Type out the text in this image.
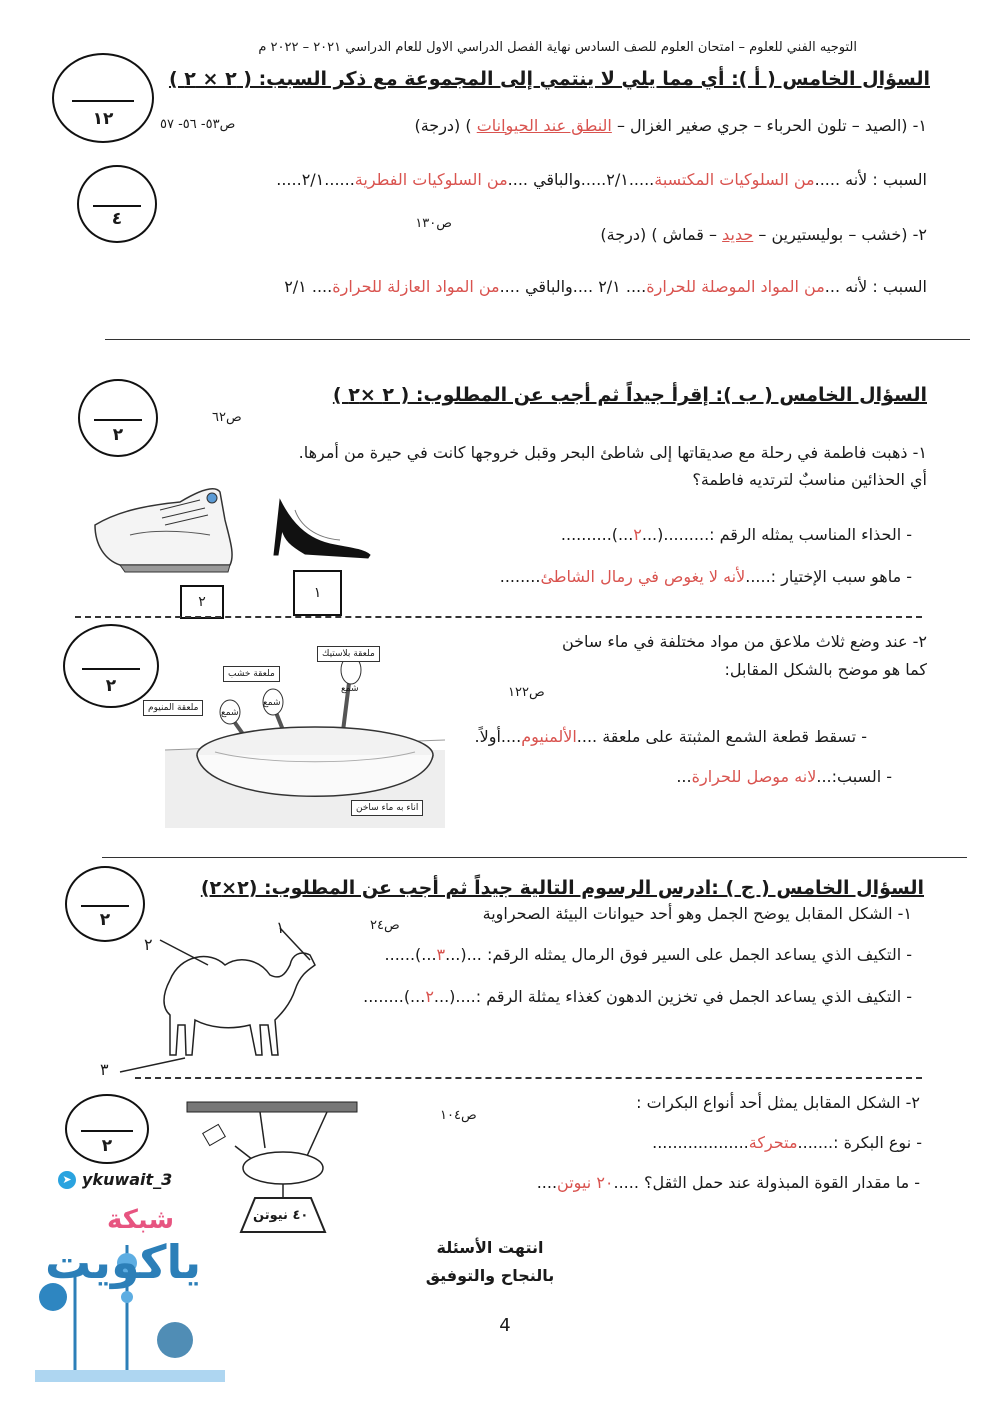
التوجيه الفني للعلوم – امتحان العلوم للصف السادس نهاية الفصل الدراسي الاول للعام الدراسي ٢٠٢١ – ٢٠٢٢ م
١٢
السؤال الخامس ( أ ): أي مما يلي لا ينتمي إلى المجموعة مع ذكر السبب: ( ٢ × ٢ )
١- (الصيد – تلون الحرباء – جري صغير الغزال – النطق عند الحيوانات ) (درجة)
ص٥٣- ٥٦- ٥٧
٤
السبب : لأنه .....من السلوكيات المكتسبة.....٢/١.....والباقي ....من السلوكيات الفطرية......٢/١.....
ص١٣٠
٢- (خشب – بوليستيرين – حديد – قماش ) (درجة)
السبب : لأنه ...من المواد الموصلة للحرارة.... ٢/١ ....والباقي ....من المواد العازلة للحرارة.... ٢/١
٢
السؤال الخامس ( ب ): إقرأ جيداً ثم أجب عن المطلوب: ( ٢ ×٢ )
ص٦٢
١- ذهبت فاطمة في رحلة مع صديقاتها إلى شاطئ البحر وقبل خروجها كانت في حيرة من أمرها.
أي الحذائين مناسبٌ لترتديه فاطمة؟
٢
١
- الحذاء المناسب يمثله الرقم :.........(...٢...)..........
- ماهو سبب الإختيار :.....لأنه لا يغوص في رمال الشاطئ........
٢
٢- عند وضع ثلاث ملاعق من مواد مختلفة في ماء ساخن
كما هو موضح بالشكل المقابل:
ص١٢٢
ملعقة بلاستيك
ملعقة خشب
ملعقة المنيوم
شمع
شمع
شمع
اناء به ماء ساخن
- تسقط قطعة الشمع المثبتة على ملعقة ....الألمنيوم....أولاً.
- السبب:...لانه موصل للحرارة...
٢
السؤال الخامس ( ج ) :ادرس الرسوم التالية جيداً ثم أجب عن المطلوب: (٢×٢)
١- الشكل المقابل يوضح الجمل وهو أحد حيوانات البيئة الصحراوية
ص٢٤
١
٢
٣
- التكيف الذي يساعد الجمل على السير فوق الرمال يمثله الرقم: ...(...٣...)......
- التكيف الذي يساعد الجمل في تخزين الدهون كغذاء يمثلة الرقم :....(...٢...)........
٢
٤٠ نيوتن
ص١٠٤
٢- الشكل المقابل يمثل أحد أنواع البكرات :
- نوع البكرة :.......متحركة...................
- ما مقدار القوة المبذولة عند حمل الثقل؟ .....٢٠ نيوتن....
➤ ykuwait_3
شبكة
ياكويت	انتهت الأسئلة
بالنجاح والتوفيق
4
